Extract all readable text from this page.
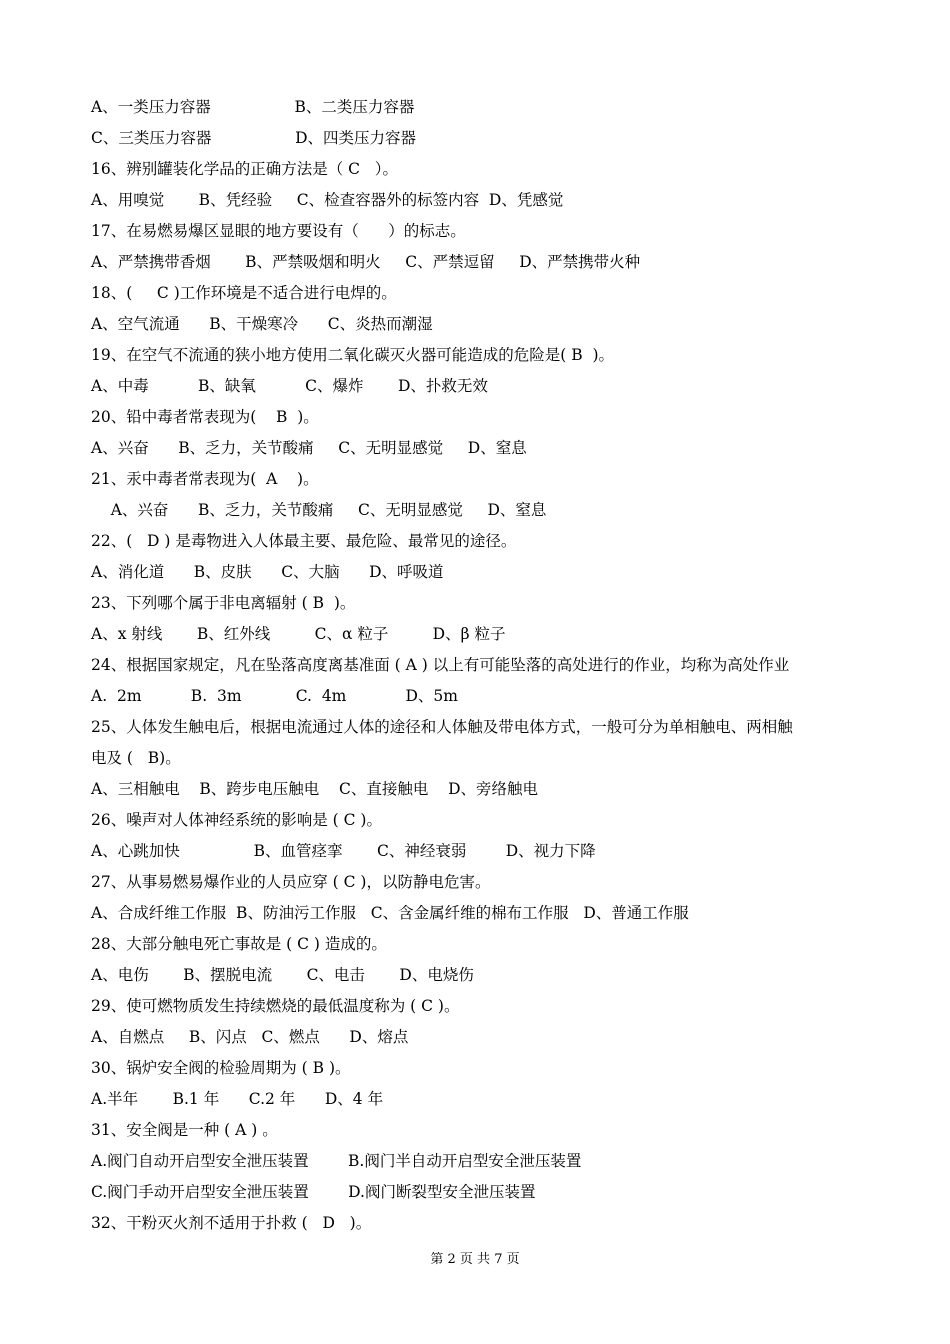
A、一类压力容器                 B、二类压力容器
C、三类压力容器                 D、四类压力容器
16、辨别罐装化学品的正确方法是（ C   ）。
A、用嗅觉       B、凭经验     C、检查容器外的标签内容  D、凭感觉
17、在易燃易爆区显眼的地方要设有（      ）的标志。
A、严禁携带香烟       B、严禁吸烟和明火     C、严禁逗留     D、严禁携带火种
18、(     C )工作环境是不适合进行电焊的。
A、空气流通      B、干燥寒冷      C、炎热而潮湿
19、在空气不流通的狭小地方使用二氧化碳灭火器可能造成的危险是( B  )。
A、中毒          B、缺氧          C、爆炸       D、扑救无效
20、铅中毒者常表现为(    B  )。
A、兴奋      B、乏力，关节酸痛     C、无明显感觉     D、窒息
21、汞中毒者常表现为(  A    )。
A、兴奋      B、乏力，关节酸痛     C、无明显感觉     D、窒息
22、(   D ) 是毒物进入人体最主要、最危险、最常见的途径。
A、消化道      B、皮肤      C、大脑      D、呼吸道
23、下列哪个属于非电离辐射 ( B  )。
A、x 射线       B、红外线         C、α 粒子         D、β 粒子
24、根据国家规定，凡在坠落高度离基准面 ( A ) 以上有可能坠落的高处进行的作业，均称为高处作业
A.  2m          B.  3m           C.  4m            D、5m
25、人体发生触电后，根据电流通过人体的途径和人体触及带电体方式，一般可分为单相触电、两相触
电及 (   B)。
A、三相触电    B、跨步电压触电    C、直接触电    D、旁络触电
26、噪声对人体神经系统的影响是 ( C )。
A、心跳加快               B、血管痉挛       C、神经衰弱        D、视力下降
27、从事易燃易爆作业的人员应穿 ( C )，以防静电危害。
A、合成纤维工作服  B、防油污工作服   C、含金属纤维的棉布工作服   D、普通工作服
28、大部分触电死亡事故是 ( C ) 造成的。
A、电伤       B、摆脱电流       C、电击       D、电烧伤
29、使可燃物质发生持续燃烧的最低温度称为 ( C )。
A、自燃点     B、闪点   C、燃点      D、熔点
30、锅炉安全阀的检验周期为 ( B )。
A.半年       B.1 年      C.2 年      D、4 年
31、安全阀是一种 ( A ) 。
A.阀门自动开启型安全泄压装置        B.阀门半自动开启型安全泄压装置
C.阀门手动开启型安全泄压装置        D.阀门断裂型安全泄压装置
32、干粉灭火剂不适用于扑救 (   D   )。
第 2 页 共 7 页
